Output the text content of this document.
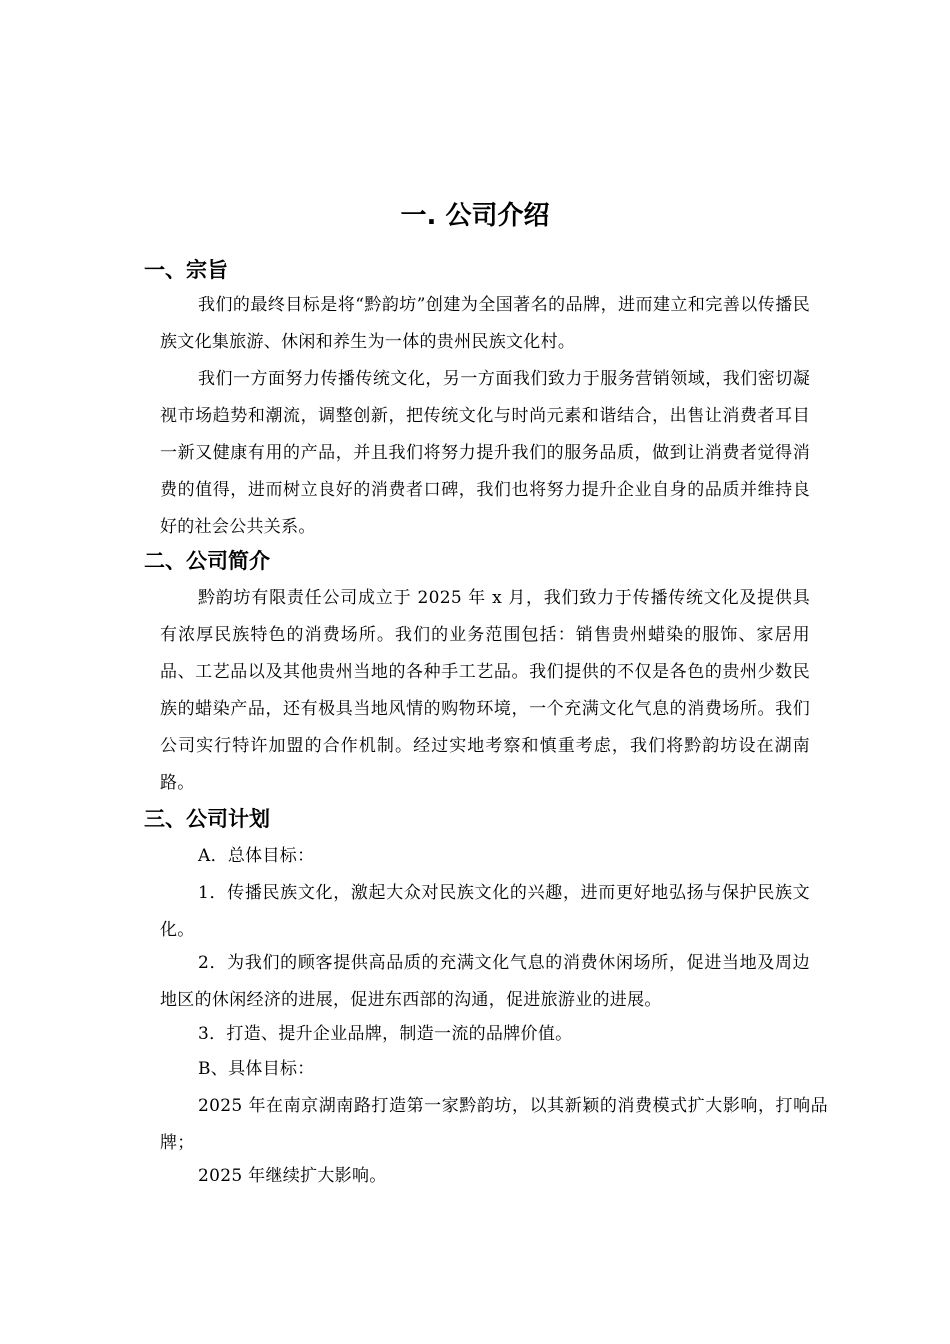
一. 公司介绍
一、宗旨

我们的最终目标是将“黔韵坊”创建为全国著名的品牌，进而建立和完善以传播民族文化集旅游、休闲和养生为一体的贵州民族文化村。

我们一方面努力传播传统文化，另一方面我们致力于服务营销领域，我们密切凝视市场趋势和潮流，调整创新，把传统文化与时尚元素和谐结合，出售让消费者耳目一新又健康有用的产品，并且我们将努力提升我们的服务品质，做到让消费者觉得消费的值得，进而树立良好的消费者口碑，我们也将努力提升企业自身的品质并维持良好的社会公共关系。

二、公司简介

黔韵坊有限责任公司成立于 2025 年 x 月，我们致力于传播传统文化及提供具有浓厚民族特色的消费场所。我们的业务范围包括：销售贵州蜡染的服饰、家居用品、工艺品以及其他贵州当地的各种手工艺品。我们提供的不仅是各色的贵州少数民族的蜡染产品，还有极具当地风情的购物环境，一个充满文化气息的消费场所。我们公司实行特许加盟的合作机制。经过实地考察和慎重考虑，我们将黔韵坊设在湖南路。

三、公司计划

A．总体目标：

1．传播民族文化，激起大众对民族文化的兴趣，进而更好地弘扬与保护民族文化。

2．为我们的顾客提供高品质的充满文化气息的消费休闲场所，促进当地及周边地区的休闲经济的进展，促进东西部的沟通，促进旅游业的进展。

3．打造、提升企业品牌，制造一流的品牌价值。

B、具体目标：

2025 年在南京湖南路打造第一家黔韵坊，以其新颖的消费模式扩大影响，打响品牌；

2025 年继续扩大影响。
